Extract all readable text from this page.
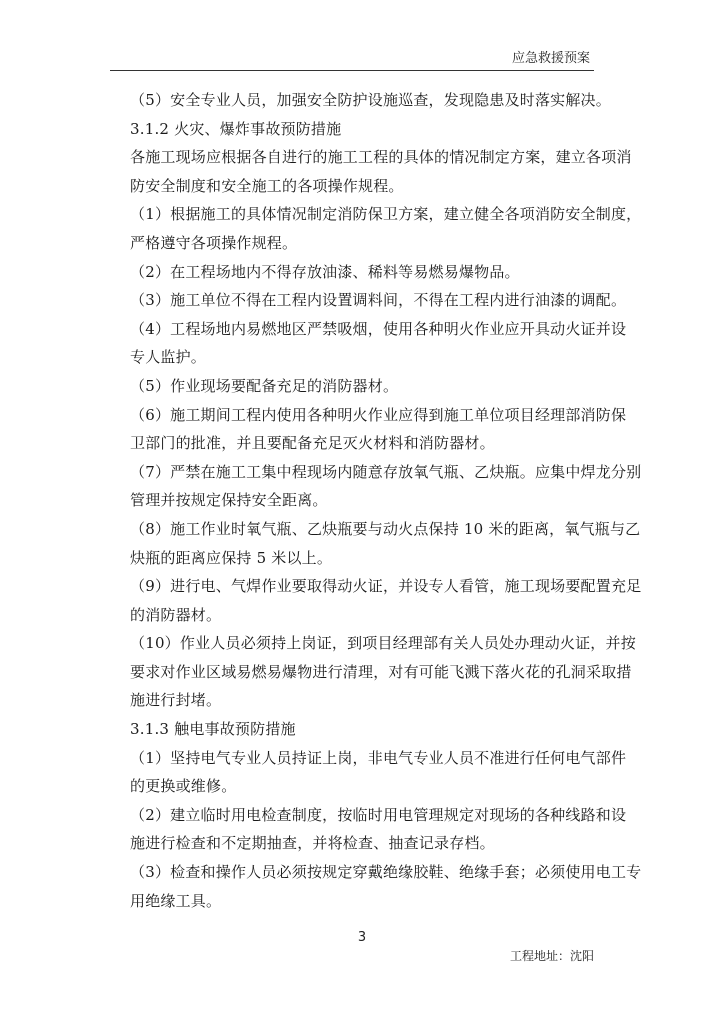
应急救援预案
（5）安全专业人员，加强安全防护设施巡查，发现隐患及时落实解决。
3.1.2 火灾、爆炸事故预防措施
各施工现场应根据各自进行的施工工程的具体的情况制定方案，建立各项消
防安全制度和安全施工的各项操作规程。
（1）根据施工的具体情况制定消防保卫方案，建立健全各项消防安全制度，
严格遵守各项操作规程。
（2）在工程场地内不得存放油漆、稀料等易燃易爆物品。
（3）施工单位不得在工程内设置调料间，不得在工程内进行油漆的调配。
（4）工程场地内易燃地区严禁吸烟，使用各种明火作业应开具动火证并设
专人监护。
（5）作业现场要配备充足的消防器材。
（6）施工期间工程内使用各种明火作业应得到施工单位项目经理部消防保
卫部门的批准，并且要配备充足灭火材料和消防器材。
（7）严禁在施工工集中程现场内随意存放氧气瓶、乙炔瓶。应集中焊龙分别
管理并按规定保持安全距离。
（8）施工作业时氧气瓶、乙炔瓶要与动火点保持 10 米的距离，氧气瓶与乙
炔瓶的距离应保持 5 米以上。
（9）进行电、气焊作业要取得动火证，并设专人看管，施工现场要配置充足
的消防器材。
（10）作业人员必须持上岗证，到项目经理部有关人员处办理动火证，并按
要求对作业区域易燃易爆物进行清理，对有可能飞溅下落火花的孔洞采取措
施进行封堵。
3.1.3 触电事故预防措施
（1）坚持电气专业人员持证上岗，非电气专业人员不准进行任何电气部件
的更换或维修。
（2）建立临时用电检查制度，按临时用电管理规定对现场的各种线路和设
施进行检查和不定期抽查，并将检查、抽查记录存档。
（3）检查和操作人员必须按规定穿戴绝缘胶鞋、绝缘手套；必须使用电工专
用绝缘工具。
3
工程地址：沈阳
